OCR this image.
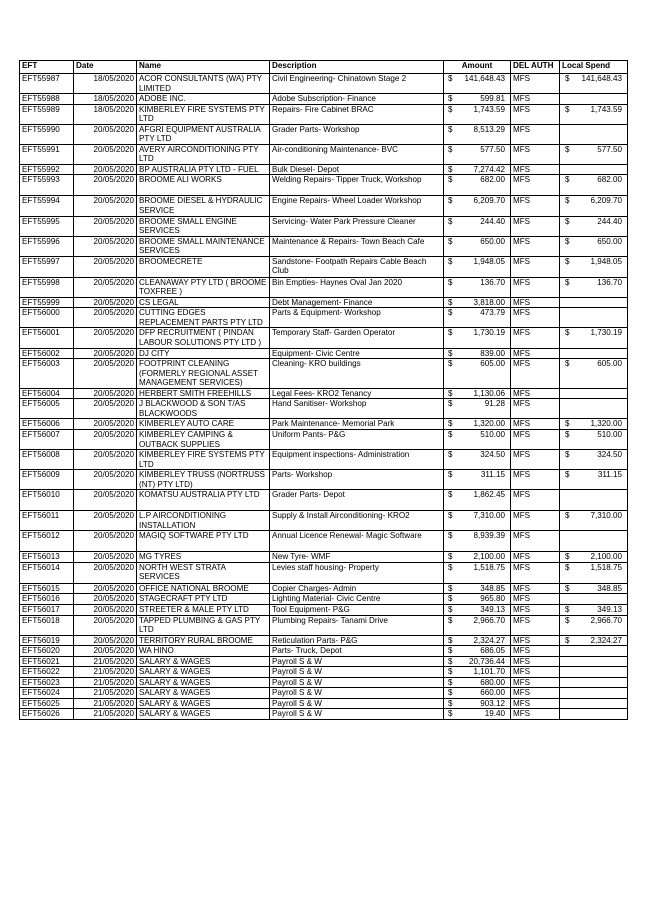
EFT	Date	Name	Description	Amount	DEL AUTH	Local Spend
EFT55987	18/05/2020	ACOR CONSULTANTS (WA) PTY LIMITED	Civil Engineering- Chinatown Stage 2	$ 141,648.43	MFS	$ 141,648.43

EFT55988	18/05/2020	ADOBE INC.	Adobe Subscription- Finance	$ 599.81	MFS	

EFT55989	18/05/2020	KIMBERLEY FIRE SYSTEMS PTY LTD	Repairs- Fire Cabinet BRAC	$ 1,743.59	MFS	$ 1,743.59

EFT55990	20/05/2020	AFGRI EQUIPMENT AUSTRALIA PTY LTD	Grader Parts- Workshop	$ 8,513.29	MFS	

EFT55991	20/05/2020	AVERY AIRCONDITIONING PTY LTD	Air-conditioning Maintenance- BVC	$ 577.50	MFS	$ 577.50

EFT55992	20/05/2020	BP AUSTRALIA PTY LTD - FUEL	Bulk Diesel- Depot	$ 7,274.42	MFS	

EFT55993	20/05/2020	BROOME ALI WORKS	Welding Repairs- Tipper Truck, Workshop	$ 682.00	MFS	$ 682.00

EFT55994	20/05/2020	BROOME DIESEL & HYDRAULIC SERVICE	Engine Repairs- Wheel Loader Workshop	$ 6,209.70	MFS	$ 6,209.70

EFT55995	20/05/2020	BROOME SMALL ENGINE SERVICES	Servicing- Water Park Pressure Cleaner	$ 244.40	MFS	$ 244.40

EFT55996	20/05/2020	BROOME SMALL MAINTENANCE SERVICES	Maintenance & Repairs- Town Beach Cafe	$ 650.00	MFS	$ 650.00

EFT55997	20/05/2020	BROOMECRETE	Sandstone- Footpath Repairs Cable Beach Club	$ 1,948.05	MFS	$ 1,948.05

EFT55998	20/05/2020	CLEANAWAY PTY LTD ( BROOME TOXFREE )	Bin Empties- Haynes Oval Jan 2020	$ 136.70	MFS	$ 136.70

EFT55999	20/05/2020	CS LEGAL	Debt Management- Finance	$ 3,818.00	MFS	

EFT56000	20/05/2020	CUTTING EDGES REPLACEMENT PARTS PTY LTD	Parts & Equipment- Workshop	$ 473.79	MFS	

EFT56001	20/05/2020	DFP RECRUITMENT ( PINDAN LABOUR SOLUTIONS PTY LTD )	Temporary Staff- Garden Operator	$ 1,730.19	MFS	$ 1,730.19

EFT56002	20/05/2020	DJ CITY	Equipment- Civic Centre	$ 839.00	MFS	

EFT56003	20/05/2020	FOOTPRINT CLEANING (FORMERLY REGIONAL ASSET MANAGEMENT SERVICES)	Cleaning- KRO buildings	$ 605.00	MFS	$ 605.00

EFT56004	20/05/2020	HERBERT SMITH FREEHILLS	Legal Fees- KRO2 Tenancy	$ 1,130.06	MFS	

EFT56005	20/05/2020	J BLACKWOOD & SON T/AS BLACKWOODS	Hand Sanitiser- Workshop	$ 91.28	MFS	

EFT56006	20/05/2020	KIMBERLEY AUTO CARE	Park Maintenance- Memorial Park	$ 1,320.00	MFS	$ 1,320.00

EFT56007	20/05/2020	KIMBERLEY CAMPING & OUTBACK SUPPLIES	Uniform Pants- P&G	$ 510.00	MFS	$ 510.00

EFT56008	20/05/2020	KIMBERLEY FIRE SYSTEMS PTY LTD	Equipment inspections- Administration	$ 324.50	MFS	$ 324.50

EFT56009	20/05/2020	KIMBERLEY TRUSS (NORTRUSS (NT) PTY LTD)	Parts- Workshop	$ 311.15	MFS	$ 311.15

EFT56010	20/05/2020	KOMATSU AUSTRALIA PTY LTD	Grader Parts- Depot	$ 1,862.45	MFS	

EFT56011	20/05/2020	L.P AIRCONDITIONING INSTALLATION	Supply & Install Airconditioning- KRO2	$ 7,310.00	MFS	$ 7,310.00

EFT56012	20/05/2020	MAGIQ SOFTWARE PTY LTD	Annual Licence Renewal- Magic Software	$ 8,939.39	MFS	

EFT56013	20/05/2020	MG TYRES	New Tyre- WMF	$ 2,100.00	MFS	$ 2,100.00

EFT56014	20/05/2020	NORTH WEST STRATA SERVICES	Levies staff housing- Property	$ 1,518.75	MFS	$ 1,518.75

EFT56015	20/05/2020	OFFICE NATIONAL BROOME	Copier Charges- Admin	$ 348.85	MFS	$ 348.85

EFT56016	20/05/2020	STAGECRAFT PTY LTD	Lighting Material- Civic Centre	$ 965.80	MFS	

EFT56017	20/05/2020	STREETER & MALE PTY LTD	Tool Equipment- P&G	$ 349.13	MFS	$ 349.13

EFT56018	20/05/2020	TAPPED PLUMBING & GAS PTY LTD	Plumbing Repairs- Tanami Drive	$ 2,966.70	MFS	$ 2,966.70

EFT56019	20/05/2020	TERRITORY RURAL BROOME	Reticulation Parts- P&G	$ 2,324.27	MFS	$ 2,324.27

EFT56020	20/05/2020	WA HINO	Parts- Truck, Depot	$ 686.05	MFS	

EFT56021	21/05/2020	SALARY & WAGES	Payroll S & W	$ 20,736.44	MFS	

EFT56022	21/05/2020	SALARY & WAGES	Payroll S & W	$ 1,101.70	MFS	

EFT56023	21/05/2020	SALARY & WAGES	Payroll S & W	$ 680.00	MFS	

EFT56024	21/05/2020	SALARY & WAGES	Payroll S & W	$ 660.00	MFS	

EFT56025	21/05/2020	SALARY & WAGES	Payroll S & W	$ 903.12	MFS	

EFT56026	21/05/2020	SALARY & WAGES	Payroll S & W	$ 19.40	MFS	
